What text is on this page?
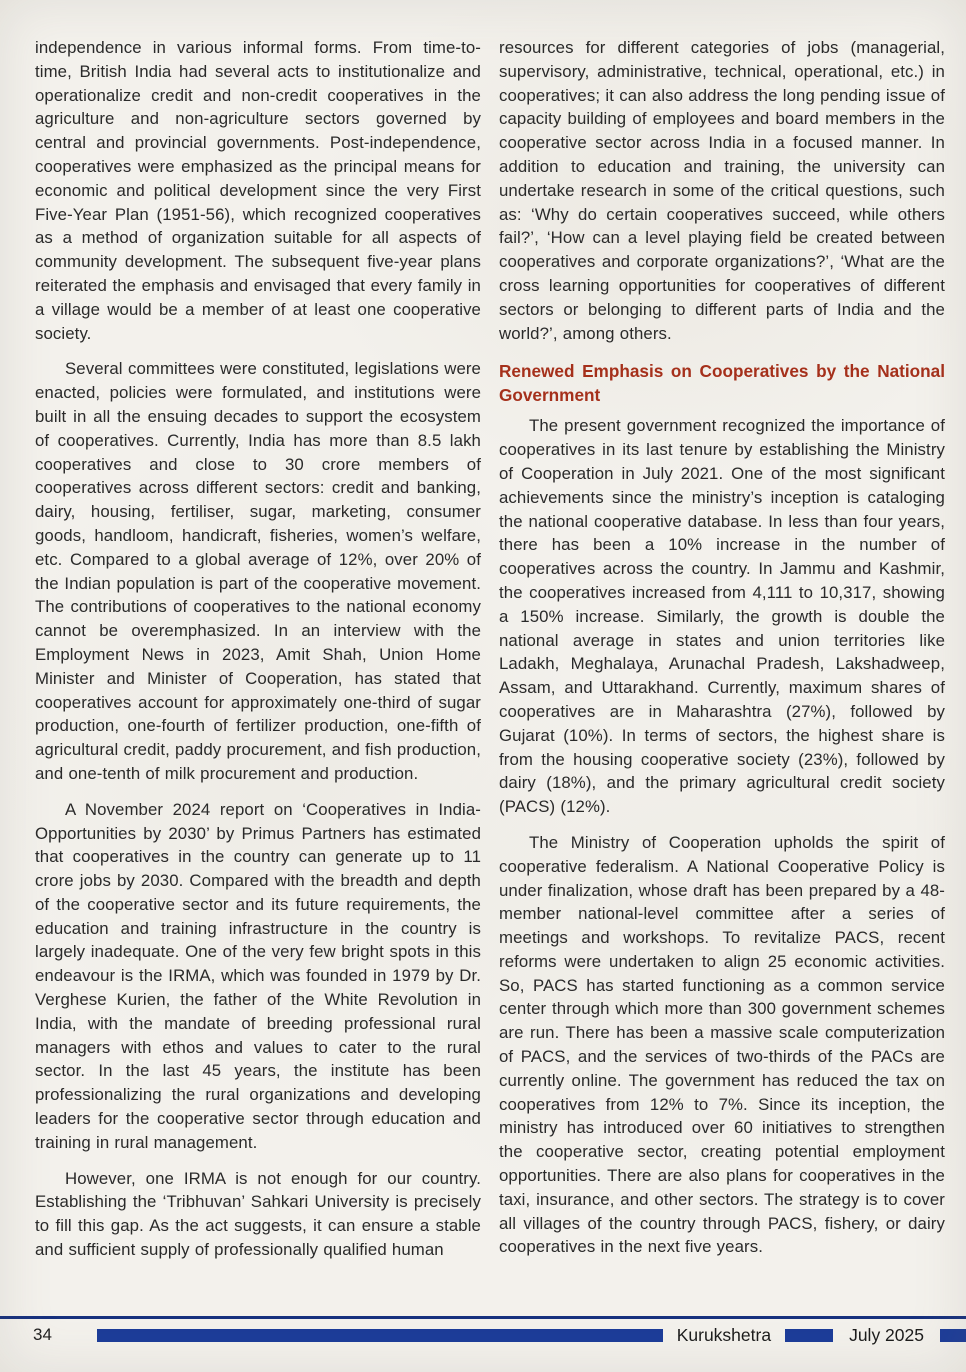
independence in various informal forms. From time-to-time, British India had several acts to institutionalize and operationalize credit and non-credit cooperatives in the agriculture and non-agriculture sectors governed by central and provincial governments. Post-independence, cooperatives were emphasized as the principal means for economic and political development since the very First Five-Year Plan (1951-56), which recognized cooperatives as a method of organization suitable for all aspects of community development. The subsequent five-year plans reiterated the emphasis and envisaged that every family in a village would be a member of at least one cooperative society.

Several committees were constituted, legislations were enacted, policies were formulated, and institutions were built in all the ensuing decades to support the ecosystem of cooperatives. Currently, India has more than 8.5 lakh cooperatives and close to 30 crore members of cooperatives across different sectors: credit and banking, dairy, housing, fertiliser, sugar, marketing, consumer goods, handloom, handicraft, fisheries, women’s welfare, etc. Compared to a global average of 12%, over 20% of the Indian population is part of the cooperative movement. The contributions of cooperatives to the national economy cannot be overemphasized. In an interview with the Employment News in 2023, Amit Shah, Union Home Minister and Minister of Cooperation, has stated that cooperatives account for approximately one-third of sugar production, one-fourth of fertilizer production, one-fifth of agricultural credit, paddy procurement, and fish production, and one-tenth of milk procurement and production.

A November 2024 report on ‘Cooperatives in India-Opportunities by 2030’ by Primus Partners has estimated that cooperatives in the country can generate up to 11 crore jobs by 2030. Compared with the breadth and depth of the cooperative sector and its future requirements, the education and training infrastructure in the country is largely inadequate. One of the very few bright spots in this endeavour is the IRMA, which was founded in 1979 by Dr. Verghese Kurien, the father of the White Revolution in India, with the mandate of breeding professional rural managers with ethos and values to cater to the rural sector. In the last 45 years, the institute has been professionalizing the rural organizations and developing leaders for the cooperative sector through education and training in rural management.

However, one IRMA is not enough for our country. Establishing the ‘Tribhuvan’ Sahkari University is precisely to fill this gap. As the act suggests, it can ensure a stable and sufficient supply of professionally qualified human

resources for different categories of jobs (managerial, supervisory, administrative, technical, operational, etc.) in cooperatives; it can also address the long pending issue of capacity building of employees and board members in the cooperative sector across India in a focused manner. In addition to education and training, the university can undertake research in some of the critical questions, such as: ‘Why do certain cooperatives succeed, while others fail?’, ‘How can a level playing field be created between cooperatives and corporate organizations?’, ‘What are the cross learning opportunities for cooperatives of different sectors or belonging to different parts of India and the world?’, among others.

Renewed Emphasis on Cooperatives by the National Government

The present government recognized the importance of cooperatives in its last tenure by establishing the Ministry of Cooperation in July 2021. One of the most significant achievements since the ministry’s inception is cataloging the national cooperative database. In less than four years, there has been a 10% increase in the number of cooperatives across the country. In Jammu and Kashmir, the cooperatives increased from 4,111 to 10,317, showing a 150% increase. Similarly, the growth is double the national average in states and union territories like Ladakh, Meghalaya, Arunachal Pradesh, Lakshadweep, Assam, and Uttarakhand. Currently, maximum shares of cooperatives are in Maharashtra (27%), followed by Gujarat (10%). In terms of sectors, the highest share is from the housing cooperative society (23%), followed by dairy (18%), and the primary agricultural credit society (PACS) (12%).

The Ministry of Cooperation upholds the spirit of cooperative federalism. A National Cooperative Policy is under finalization, whose draft has been prepared by a 48-member national-level committee after a series of meetings and workshops. To revitalize PACS, recent reforms were undertaken to align 25 economic activities. So, PACS has started functioning as a common service center through which more than 300 government schemes are run. There has been a massive scale computerization of PACS, and the services of two-thirds of the PACs are currently online. The government has reduced the tax on cooperatives from 12% to 7%. Since its inception, the ministry has introduced over 60 initiatives to strengthen the cooperative sector, creating potential employment opportunities. There are also plans for cooperatives in the taxi, insurance, and other sectors. The strategy is to cover all villages of the country through PACS, fishery, or dairy cooperatives in the next five years.

34	Kurukshetra	July 2025
